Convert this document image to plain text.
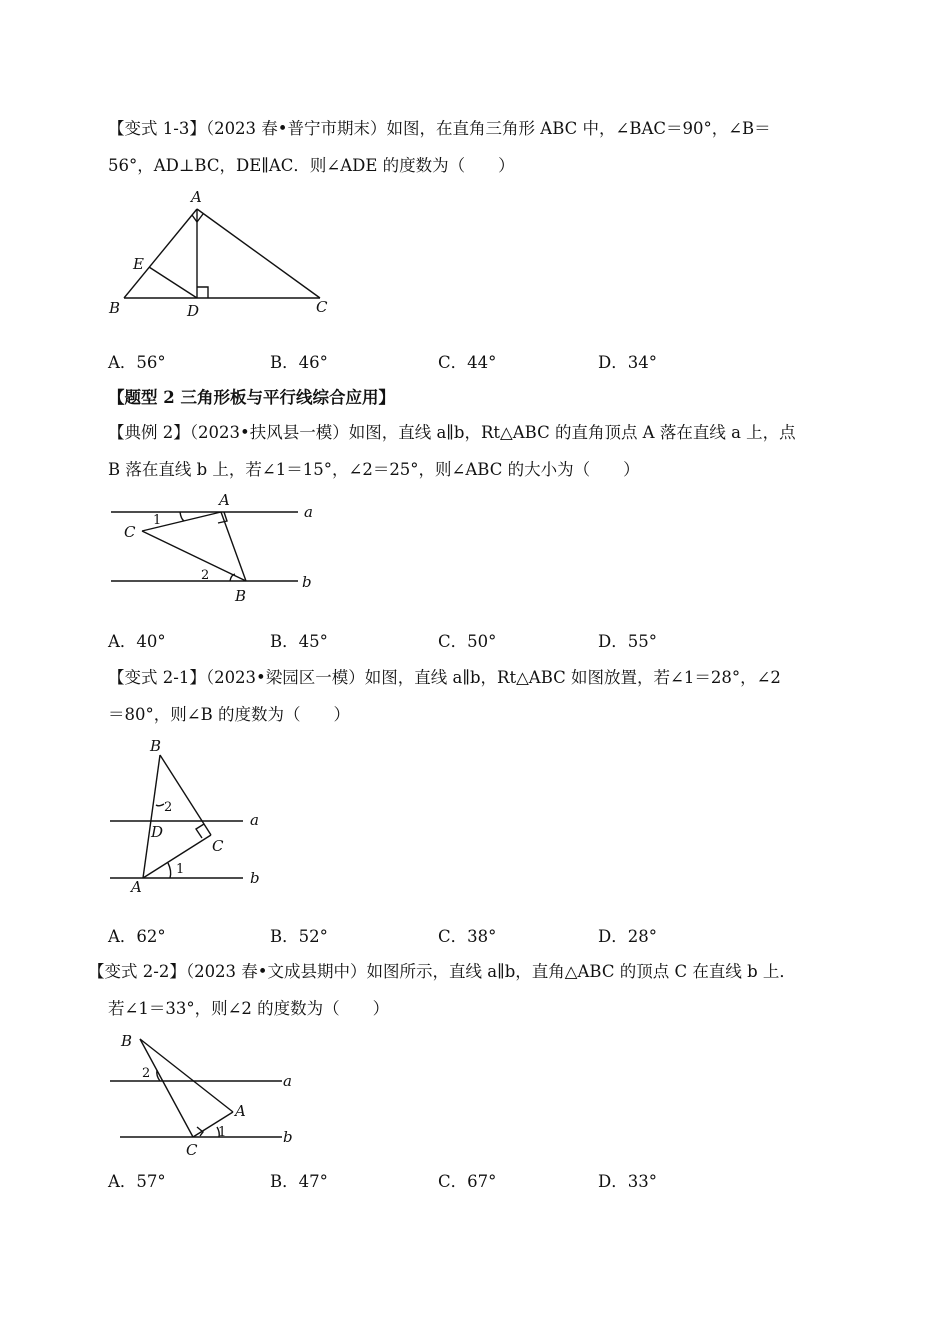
【变式 1-3】（2023 春•普宁市期末）如图，在直角三角形 ABC 中，∠BAC＝90°，∠B＝
56°，AD⊥BC，DE∥AC．则∠ADE 的度数为（　　）
A
B	C
D
E
A．56°	B．46°	C．44°	D．34°
【题型 2 三角形板与平行线综合应用】
【典例 2】（2023•扶风县一模）如图，直线 a∥b，Rt△ABC 的直角顶点 A 落在直线 a 上，点
B 落在直线 b 上，若∠1＝15°，∠2＝25°，则∠ABC 的大小为（　　）
A
B
C
a
b
1
2
A．40°	B．45°	C．50°	D．55°
【变式 2-1】（2023•梁园区一模）如图，直线 a∥b，Rt△ABC 如图放置，若∠1＝28°，∠2
＝80°，则∠B 的度数为（　　）
B
D
C
A
a
b
1
2
A．62°	B．52°	C．38°	D．28°
【变式 2-2】（2023 春•文成县期中）如图所示，直线 a∥b，直角△ABC 的顶点 C 在直线 b 上．
若∠1＝33°，则∠2 的度数为（　　）
B
A
C
a
b
1
2
A．57°	B．47°	C．67°	D．33°
